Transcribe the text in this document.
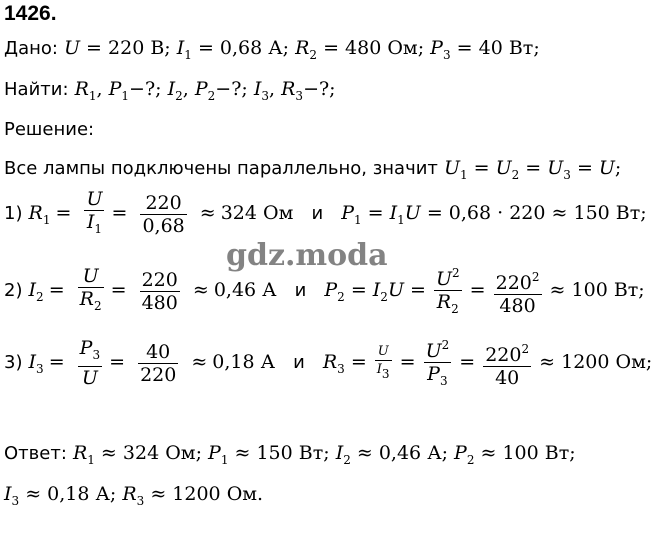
1426.
Дано: U = 220 В; $I_1 = 0,68$ А; $R_2 = 480$ Ом; $P_3 = 40$ Вт;
Найти: $R_1$, $P_1-$?; $I_2$, $P_2-$?; $I_3$, $R_3-$?;
Решение:
Все лампы подключены параллельно, значит $U_1 = U_2 = U_3 = U$;
1) $R_1 = \frac{U}{I_1} = \frac{220}{0,68} \approx 324$ Ом и $P_1 = I_1U = 0,68 \cdot 220 \approx 150$ Вт;
gdz.moda
2) $I_2 = \frac{U}{R_2} = \frac{220}{480} \approx 0,46$ А и $P_2 = I_2U = \frac{U^2}{R_2} = \frac{220^2}{480} \approx 100$ Вт;
3) $I_3 = \frac{P_3}{U} = \frac{40}{220} \approx 0,18$ А и $R_3 = \frac{U}{I_3} = \frac{U^2}{P_3} = \frac{220^2}{40} \approx 1200$ Ом;
Ответ: $R_1 \approx 324$ Ом; $P_1 \approx 150$ Вт; $I_2 \approx 0,46$ А; $P_2 \approx 100$ Вт;
$I_3 \approx 0,18$ А; $R_3 \approx 1200$ Ом.
